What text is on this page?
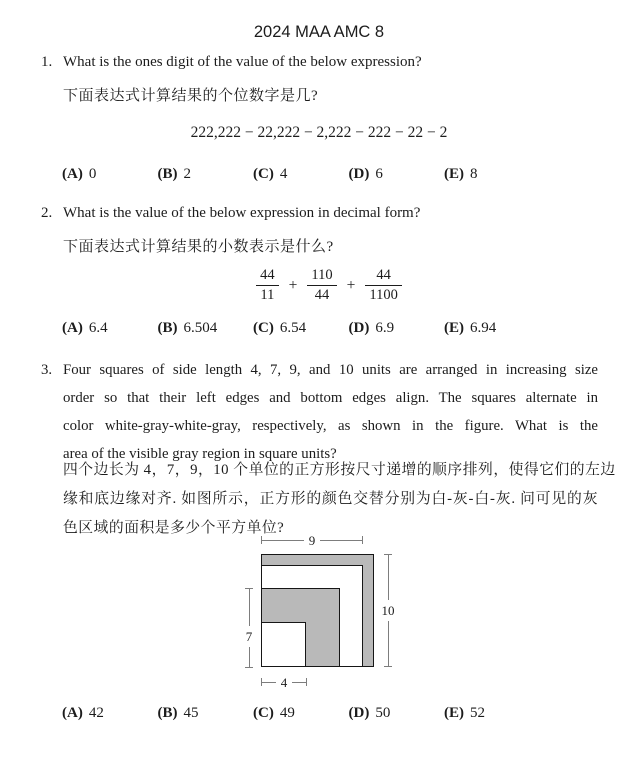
2024 MAA AMC 8
1. What is the ones digit of the value of the below expression?
下面表达式计算结果的个位数字是几?
222,222 − 22,222 − 2,222 − 222 − 22 − 2
(A) 0	(B) 2	(C) 4	(D) 6	(E) 8
2. What is the value of the below expression in decimal form?
下面表达式计算结果的小数表示是什么?
$\frac{44}{11} + \frac{110}{44} + \frac{44}{1100}$
(A) 6.4	(B) 6.504	(C) 6.54	(D) 6.9	(E) 6.94
3. Four squares of side length 4, 7, 9, and 10 units are arranged in increasing size
order so that their left edges and bottom edges align. The squares alternate in
color white-gray-white-gray, respectively, as shown in the figure. What is the
area of the visible gray region in square units?
四个边长为 4，7，9，10 个单位的正方形按尺寸递增的顺序排列，使得它们的左边
缘和底边缘对齐. 如图所示，正方形的颜色交替分别为白-灰-白-灰. 问可见的灰
色区域的面积是多少个平方单位?
9
10
7
4
(A) 42	(B) 45	(C) 49	(D) 50	(E) 52
